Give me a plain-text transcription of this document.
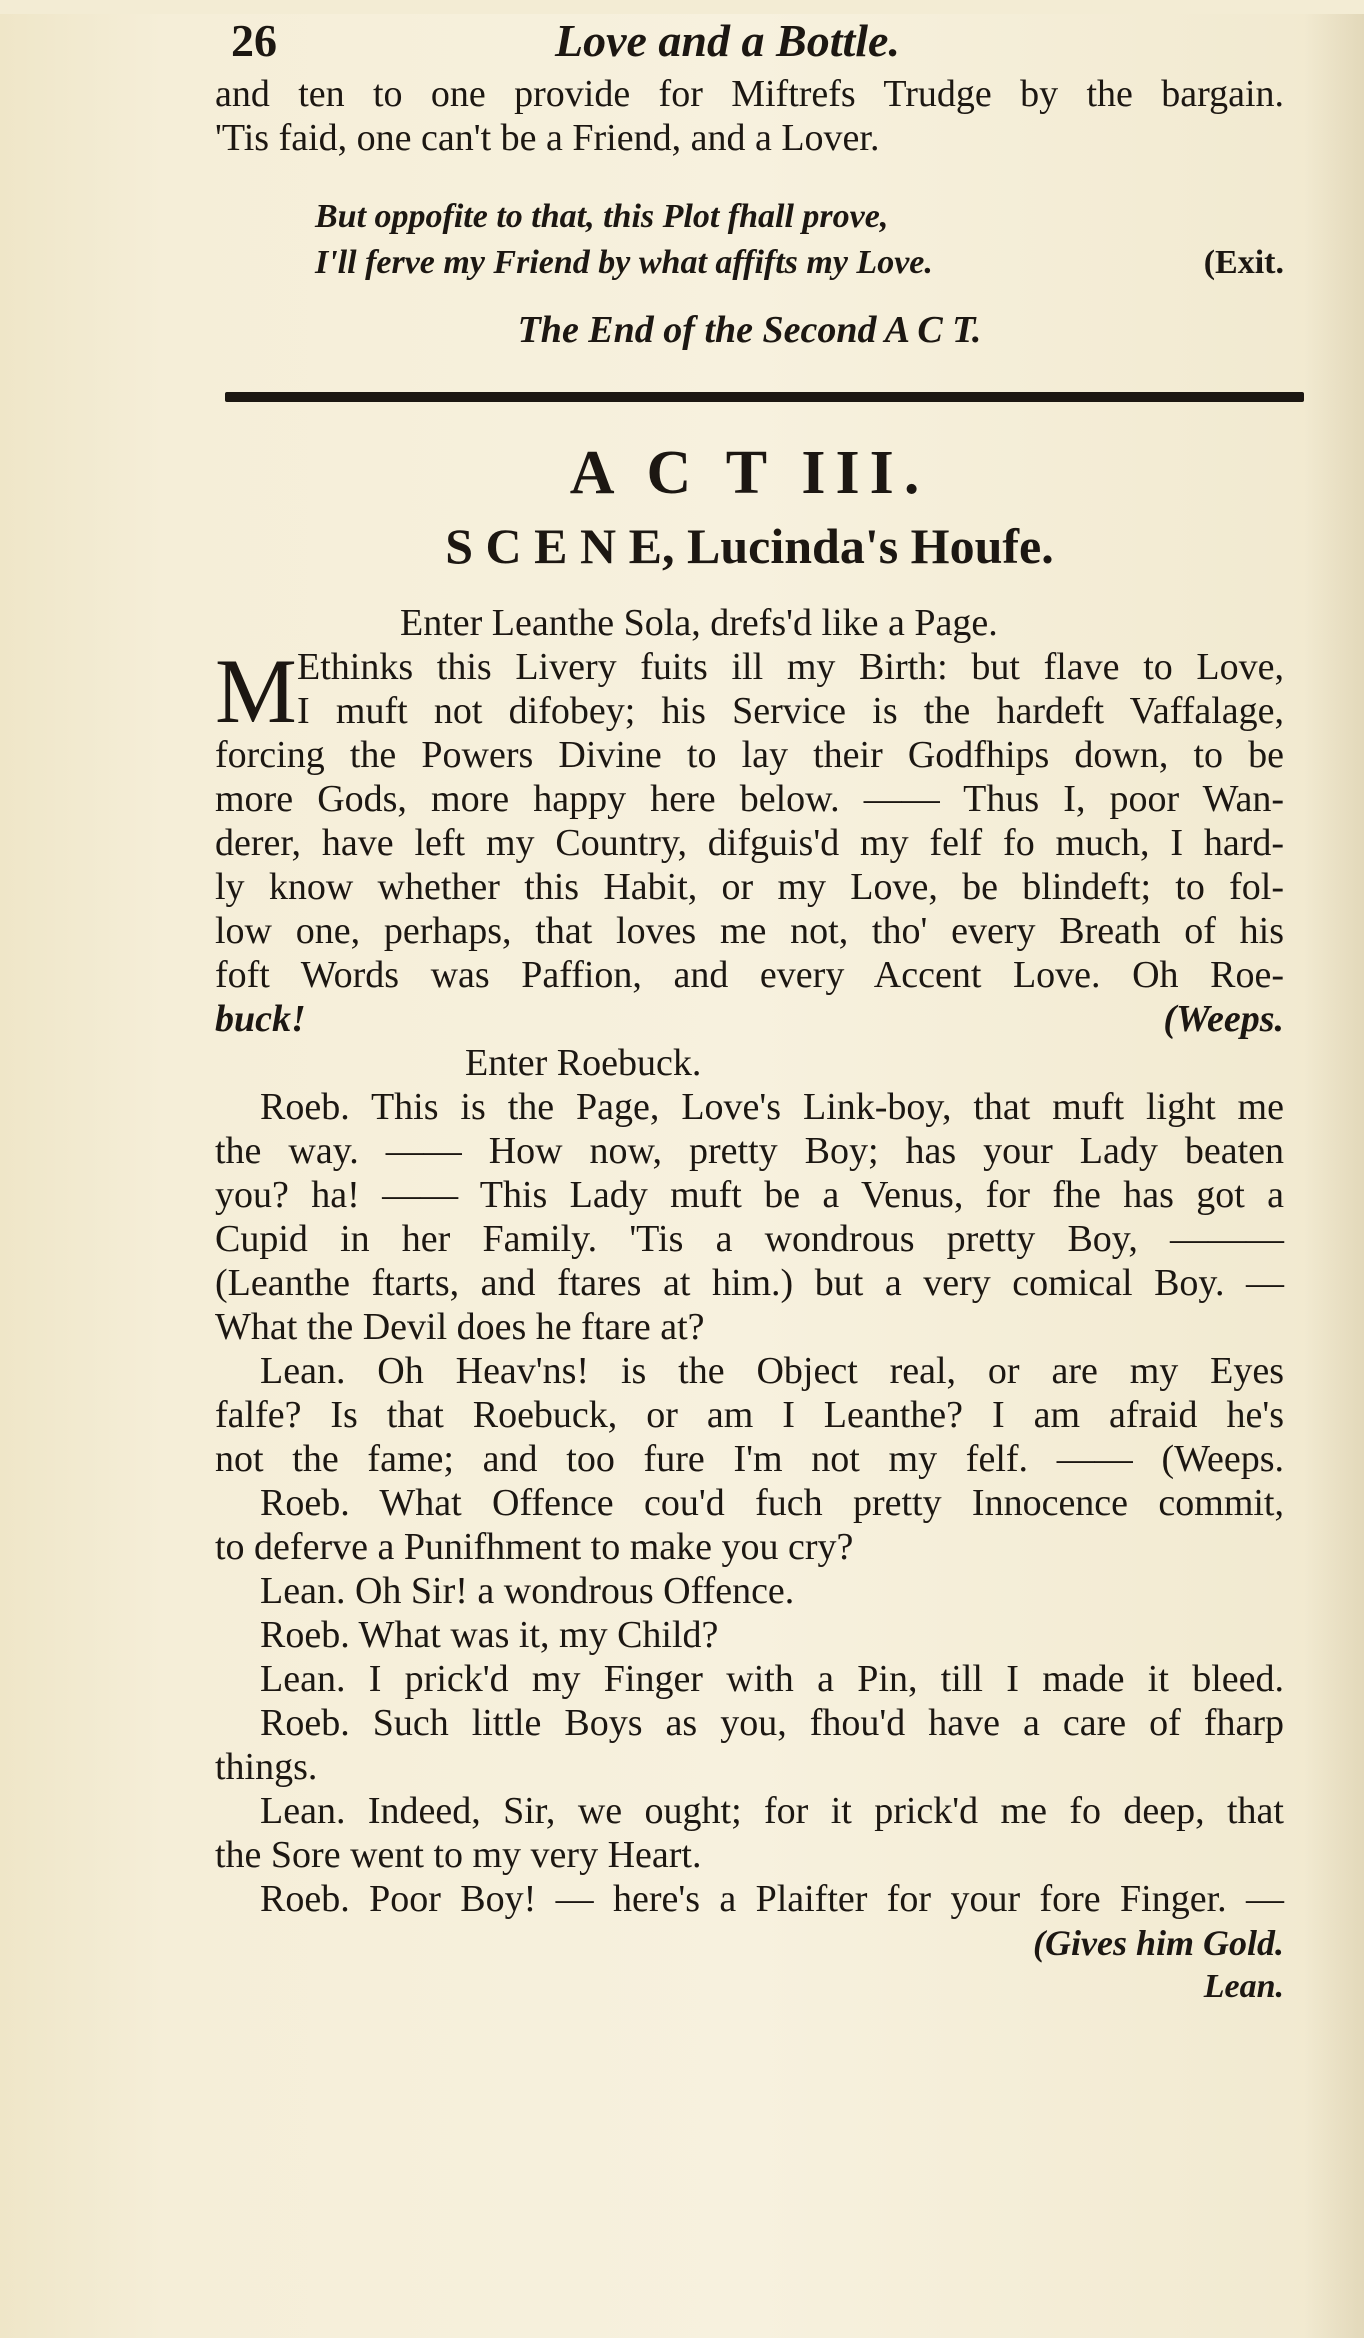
26	Love and a Bottle.
and ten to one provide for Miftrefs Trudge by the bargain.
'Tis faid, one can't be a Friend, and a Lover.
But oppofite to that, this Plot fhall prove,
I'll ferve my Friend by what affifts my Love.	(Exit.
The End of the Second A C T.
A C T III.
S C E N E, Lucinda's Houfe.
Enter Leanthe Sola, drefs'd like a Page.
M Ethinks this Livery fuits ill my Birth: but flave to Love,
I muft not difobey; his Service is the hardeft Vaffalage,
forcing the Powers Divine to lay their Godfhips down, to be
more Gods, more happy here below. —— Thus I, poor Wan-
derer, have left my Country, difguis'd my felf fo much, I hard-
ly know whether this Habit, or my Love, be blindeft; to fol-
low one, perhaps, that loves me not, tho' every Breath of his
foft Words was Paffion, and every Accent Love. Oh Roe-
buck!	(Weeps.
Enter Roebuck.
Roeb. This is the Page, Love's Link-boy, that muft light me
the way. —— How now, pretty Boy; has your Lady beaten
you? ha! —— This Lady muft be a Venus, for fhe has got a
Cupid in her Family. 'Tis a wondrous pretty Boy, ———
(Leanthe ftarts, and ftares at him.) but a very comical Boy. —
What the Devil does he ftare at?
Lean. Oh Heav'ns! is the Object real, or are my Eyes
falfe? Is that Roebuck, or am I Leanthe? I am afraid he's
not the fame; and too fure I'm not my felf. —— (Weeps.
Roeb. What Offence cou'd fuch pretty Innocence commit,
to deferve a Punifhment to make you cry?
Lean. Oh Sir! a wondrous Offence.
Roeb. What was it, my Child?
Lean. I prick'd my Finger with a Pin, till I made it bleed.
Roeb. Such little Boys as you, fhou'd have a care of fharp
things.
Lean. Indeed, Sir, we ought; for it prick'd me fo deep, that
the Sore went to my very Heart.
Roeb. Poor Boy! — here's a Plaifter for your fore Finger. —
(Gives him Gold.
Lean.
